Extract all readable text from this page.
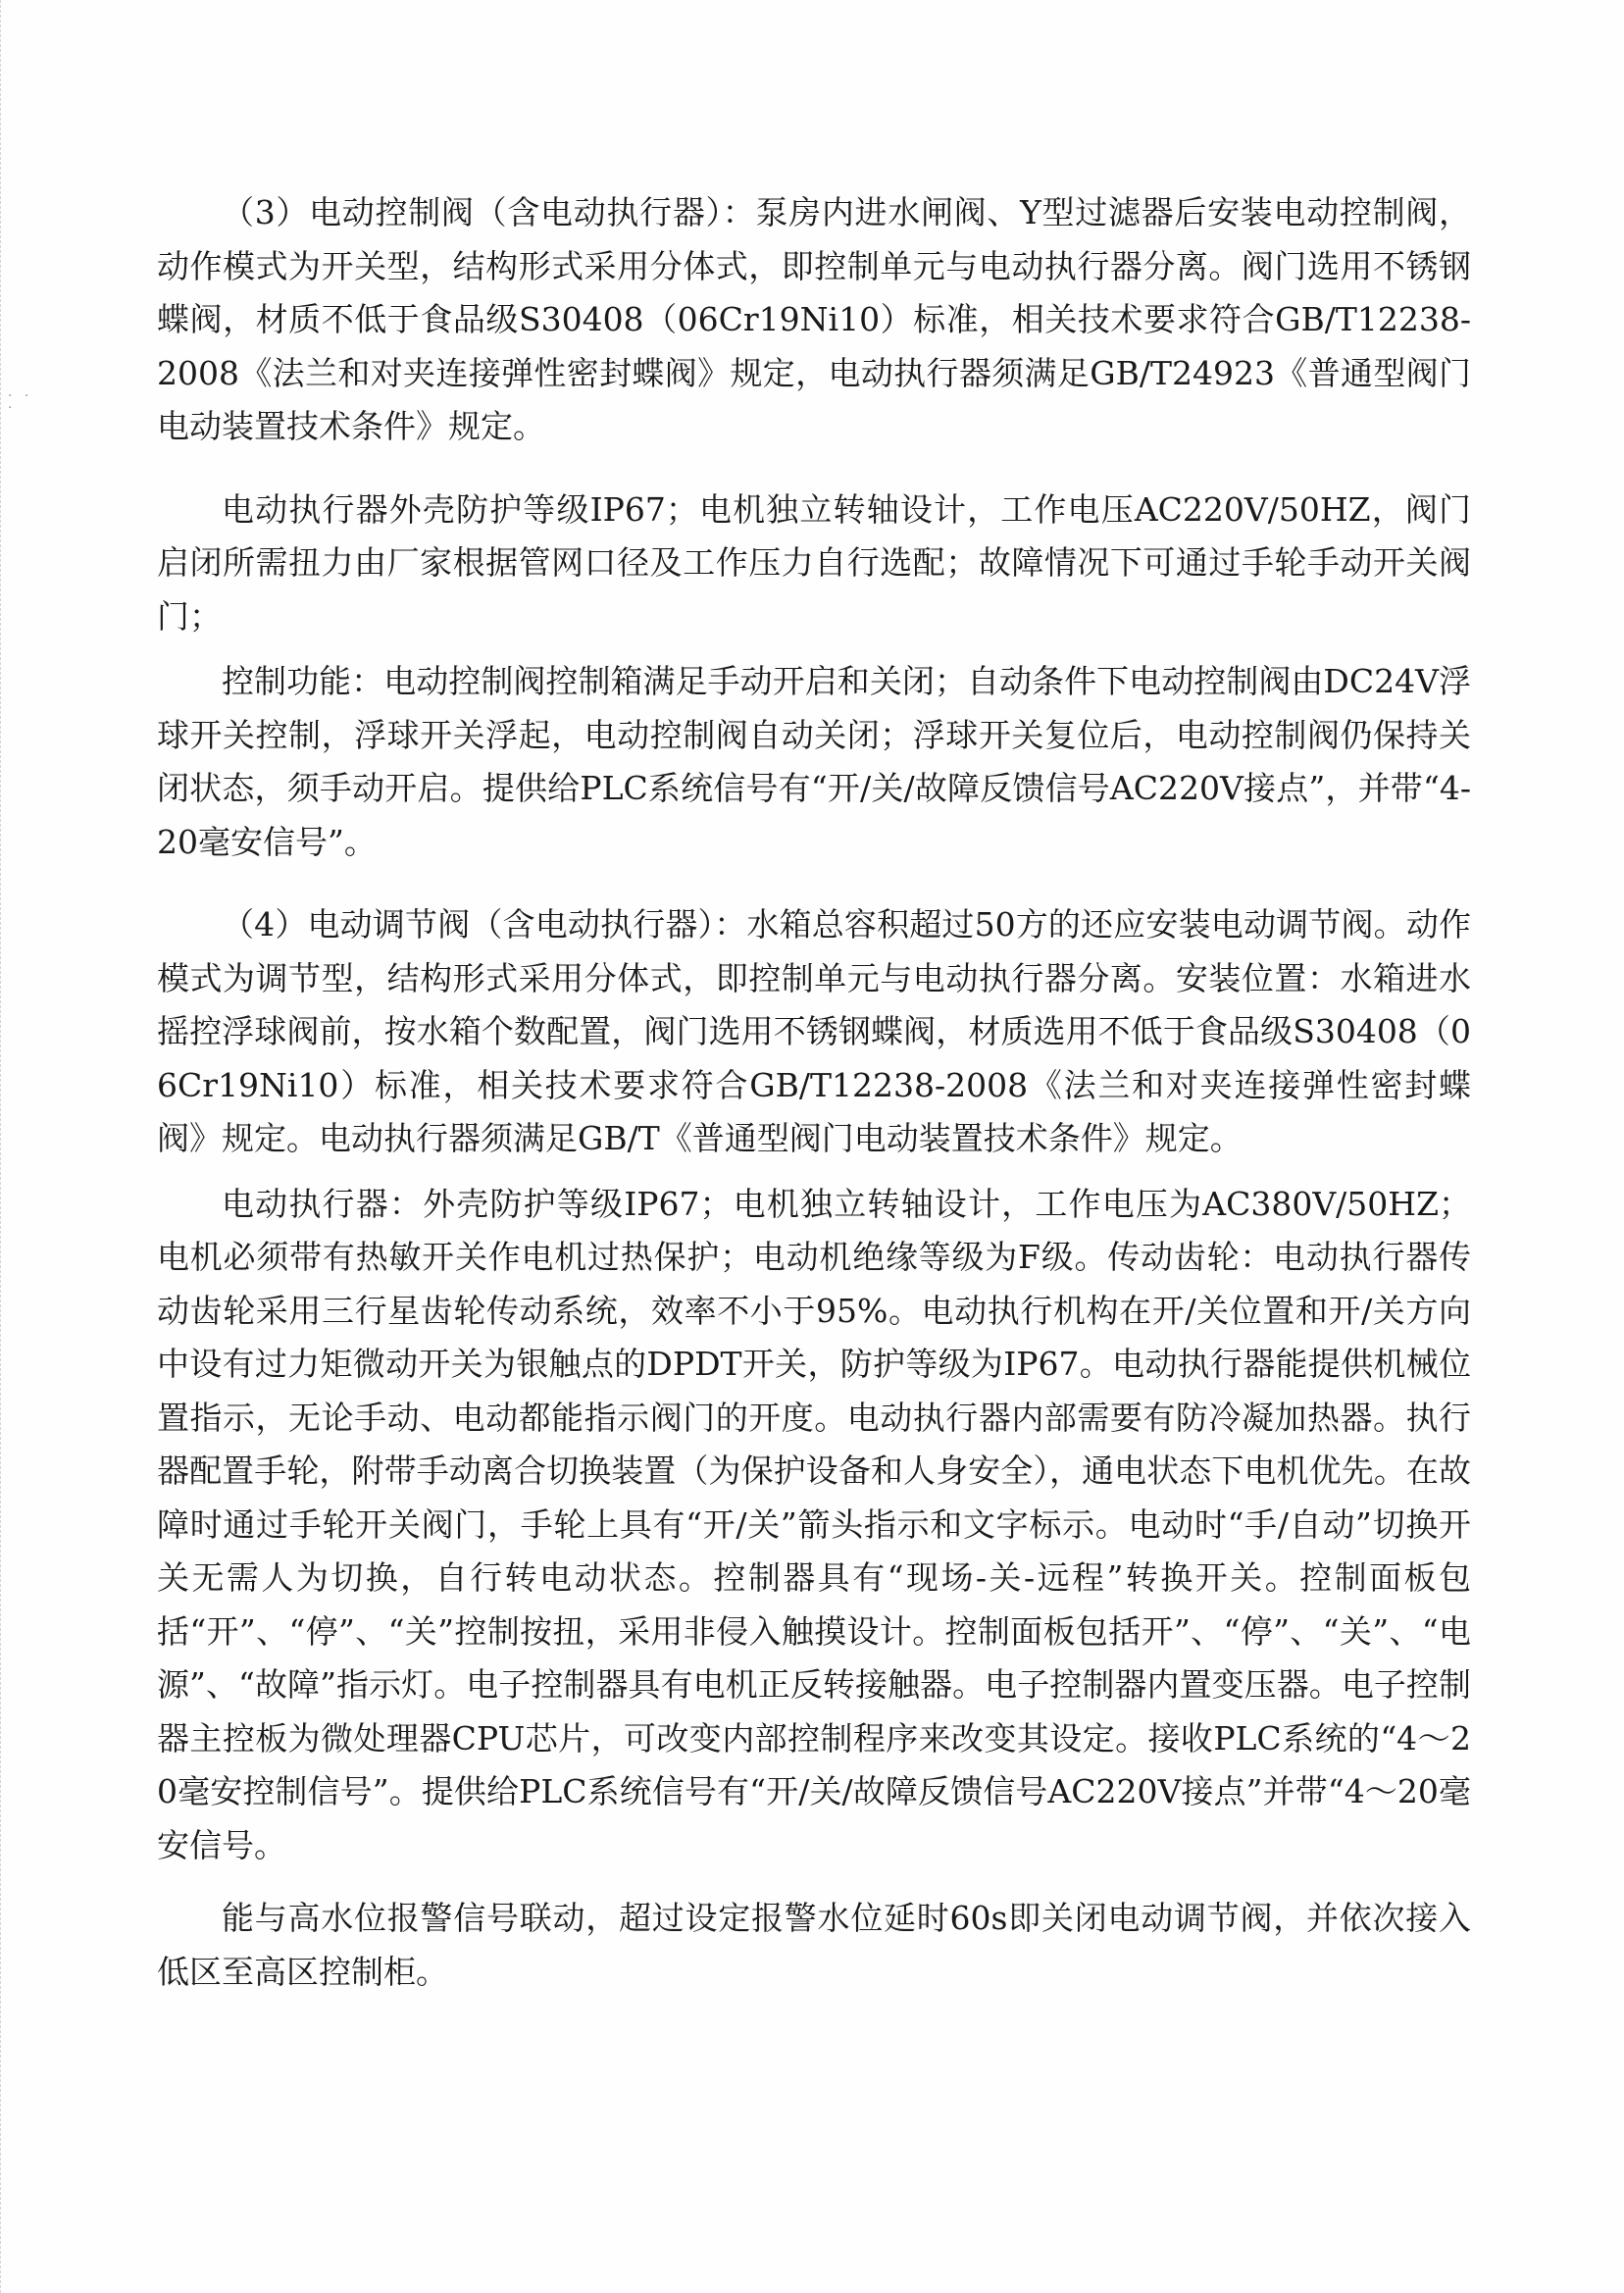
· · ·

（3）电动控制阀（含电动执行器）：泵房内进水闸阀、Y型过滤器后安装电动控制阀，动作模式为开关型，结构形式采用分体式，即控制单元与电动执行器分离。阀门选用不锈钢蝶阀，材质不低于食品级S30408（06Cr19Ni10）标准，相关技术要求符合GB/T12238-2008《法兰和对夹连接弹性密封蝶阀》规定，电动执行器须满足GB/T24923《普通型阀门电动装置技术条件》规定。

电动执行器外壳防护等级IP67；电机独立转轴设计，工作电压AC220V/50HZ，阀门启闭所需扭力由厂家根据管网口径及工作压力自行选配；故障情况下可通过手轮手动开关阀门；

控制功能：电动控制阀控制箱满足手动开启和关闭；自动条件下电动控制阀由DC24V浮球开关控制，浮球开关浮起，电动控制阀自动关闭；浮球开关复位后，电动控制阀仍保持关闭状态，须手动开启。提供给PLC系统信号有“开/关/故障反馈信号AC220V接点”，并带“4-20毫安信号”。

（4）电动调节阀（含电动执行器）：水箱总容积超过50方的还应安装电动调节阀。动作模式为调节型，结构形式采用分体式，即控制单元与电动执行器分离。安装位置：水箱进水摇控浮球阀前，按水箱个数配置，阀门选用不锈钢蝶阀，材质选用不低于食品级S30408（06Cr19Ni10）标准，相关技术要求符合GB/T12238-2008《法兰和对夹连接弹性密封蝶阀》规定。电动执行器须满足GB/T《普通型阀门电动装置技术条件》规定。

电动执行器：外壳防护等级IP67；电机独立转轴设计，工作电压为AC380V/50HZ；电机必须带有热敏开关作电机过热保护；电动机绝缘等级为F级。传动齿轮：电动执行器传动齿轮采用三行星齿轮传动系统，效率不小于95%。电动执行机构在开/关位置和开/关方向中设有过力矩微动开关为银触点的DPDT开关，防护等级为IP67。电动执行器能提供机械位置指示，无论手动、电动都能指示阀门的开度。电动执行器内部需要有防冷凝加热器。执行器配置手轮，附带手动离合切换装置（为保护设备和人身安全），通电状态下电机优先。在故障时通过手轮开关阀门，手轮上具有“开/关”箭头指示和文字标示。电动时“手/自动”切换开关无需人为切换，自行转电动状态。控制器具有“现场-关-远程”转换开关。控制面板包括“开”、“停”、“关”控制按扭，采用非侵入触摸设计。控制面板包括开”、“停”、“关”、“电源”、“故障”指示灯。电子控制器具有电机正反转接触器。电子控制器内置变压器。电子控制器主控板为微处理器CPU芯片，可改变内部控制程序来改变其设定。接收PLC系统的“4～20毫安控制信号”。提供给PLC系统信号有“开/关/故障反馈信号AC220V接点”并带“4～20毫安信号。

能与高水位报警信号联动，超过设定报警水位延时60s即关闭电动调节阀，并依次接入低区至高区控制柜。
